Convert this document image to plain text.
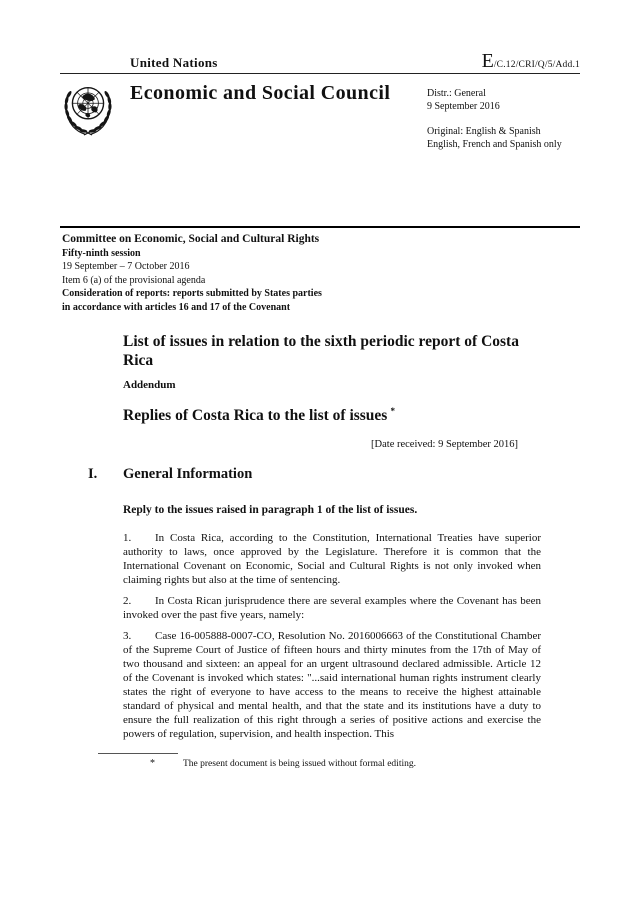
United Nations	E /C.12/CRI/Q/5/Add.1
Economic and Social Council	Distr.: General
9 September 2016
Original: English & Spanish
English, French and Spanish only
Committee on Economic, Social and Cultural Rights
Fifty-ninth session
19 September – 7 October 2016
Item 6 (a) of the provisional agenda
Consideration of reports: reports submitted by States parties
in accordance with articles 16 and 17 of the Covenant
List of issues in relation to the sixth periodic report of Costa Rica
Addendum
Replies of Costa Rica to the list of issues  *
[Date received: 9 September 2016]
I. General Information
Reply to the issues raised in paragraph 1 of the list of issues.

1. In Costa Rica, according to the Constitution, International Treaties have superior authority to laws, once approved by the Legislature. Therefore it is common that the International Covenant on Economic, Social and Cultural Rights is not only invoked when claiming rights but also at the time of sentencing.

2. In Costa Rican jurisprudence there are several examples where the Covenant has been invoked over the past five years, namely:

3. Case 16-005888-0007-CO, Resolution No. 2016006663 of the Constitutional Chamber of the Supreme Court of Justice of fifteen hours and thirty minutes from the 17th of May of two thousand and sixteen: an appeal for an urgent ultrasound declared admissible. Article 12 of the Covenant is invoked which states: "...said international human rights instrument clearly states the right of everyone to have access to the means to receive the highest attainable standard of physical and mental health, and that the state and its institutions have a duty to ensure the full realization of this right through a series of positive actions and exercise the powers of regulation, supervision, and health inspection. This

*	The present document is being issued without formal editing.
